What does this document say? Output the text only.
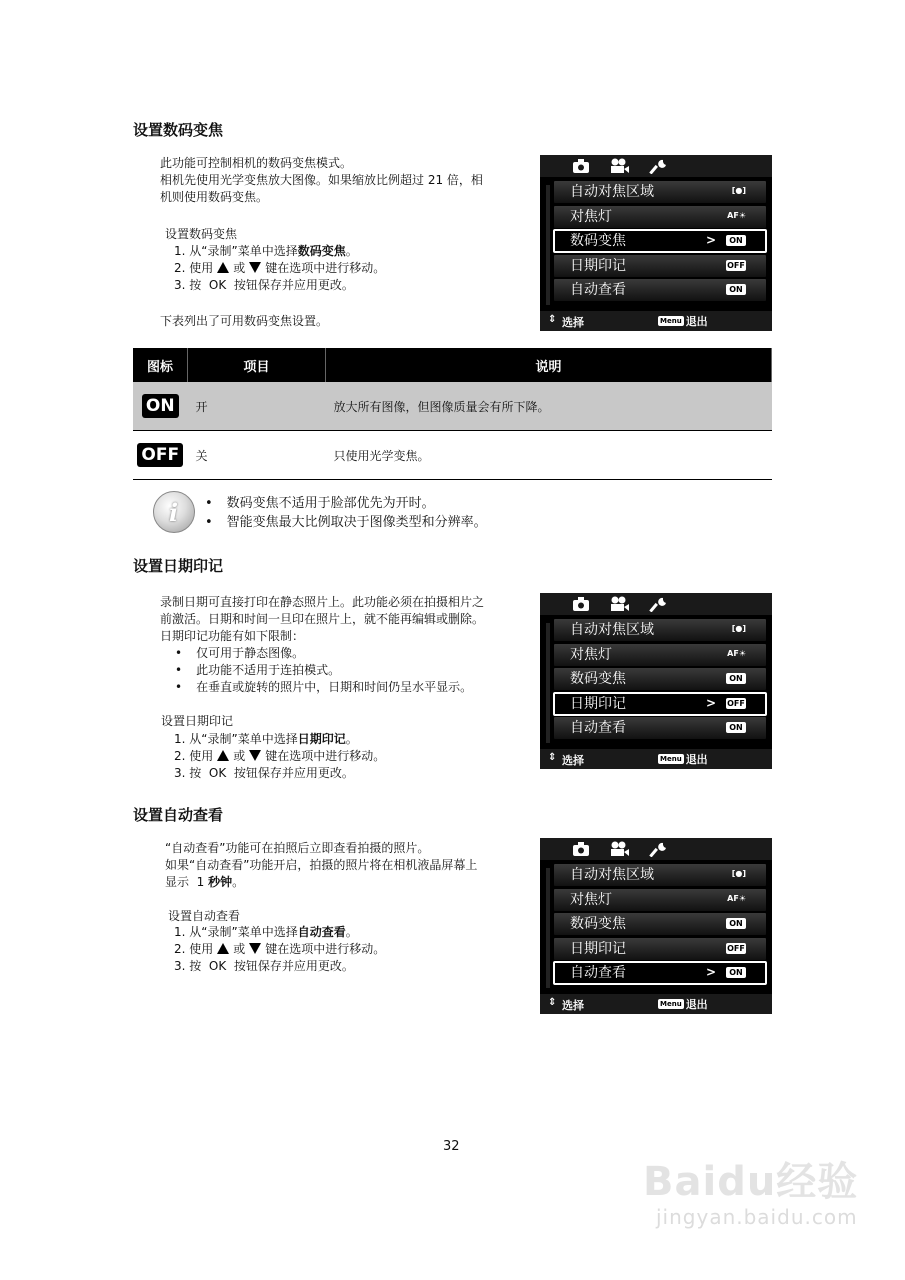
设置数码变焦
此功能可控制相机的数码变焦模式。
相机先使用光学变焦放大图像。如果缩放比例超过 21 倍，相
机则使用数码变焦。
设置数码变焦
1. 从“录制”菜单中选择数码变焦。
2. 使用 或 键在选项中进行移动。
3. 按  OK  按钮保存并应用更改。
下表列出了可用数码变焦设置。
自动对焦区域	[●]
对焦灯	AF☀
数码变焦	>	ON
日期印记	OFF
自动查看	ON
⇕ 选择	Menu 退出
图标	项目	说明
ON	开	放大所有图像，但图像质量会有所下降。
OFF	关	只使用光学变焦。
i
• 数码变焦不适用于脸部优先为开时。
• 智能变焦最大比例取决于图像类型和分辨率。
设置日期印记
录制日期可直接打印在静态照片上。此功能必须在拍摄相片之
前激活。日期和时间一旦印在照片上，就不能再编辑或删除。
日期印记功能有如下限制：
• 仅可用于静态图像。
• 此功能不适用于连拍模式。
• 在垂直或旋转的照片中，日期和时间仍呈水平显示。
设置日期印记
1. 从“录制”菜单中选择日期印记。
2. 使用 或 键在选项中进行移动。
3. 按  OK  按钮保存并应用更改。
自动对焦区域	[●]
对焦灯	AF☀
数码变焦	ON
日期印记	> OFF
自动查看	ON
⇕ 选择	Menu 退出
设置自动查看
“自动查看”功能可在拍照后立即查看拍摄的照片。
如果“自动查看”功能开启，拍摄的照片将在相机液晶屏幕上
显示  1 秒钟。
设置自动查看
1. 从“录制”菜单中选择自动查看。
2. 使用 或 键在选项中进行移动。
3. 按  OK  按钮保存并应用更改。
自动对焦区域	[●]
对焦灯	AF☀
数码变焦	ON
日期印记	OFF
自动查看	>	ON
⇕ 选择	Menu 退出
32
Baidu经验
jingyan.baidu.com
